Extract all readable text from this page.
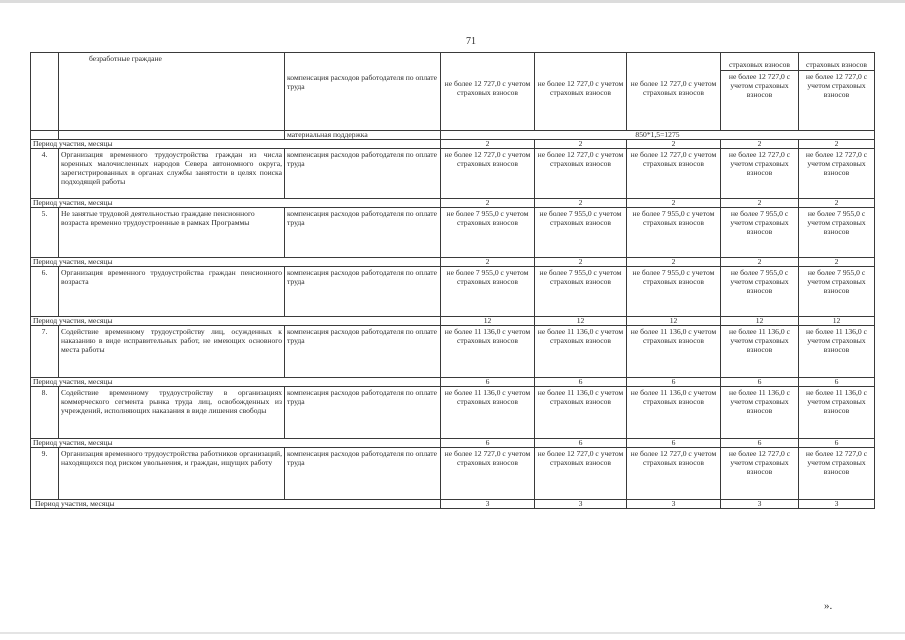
71
	безработные граждане	компенсация расходов работодателя по оплате труда	не более 12 727,0 с учетом страховых взносов	не более 12 727,0 с учетом страховых взносов	не более 12 727,0 с учетом страховых взносов	страховых взносов	страховых взносов
						не более 12 727,0 с учетом страховых взносов	не более 12 727,0 с учетом страховых взносов
		материальная поддержка	850*1,5=1275				
Период участия, месяцы			2	2	2	2	2
4.	Организация временного трудоустройства граждан из числа коренных малочисленных народов Севера автономного округа, зарегистрированных в органах службы занятости в целях поиска подходящей работы	компенсация расходов работодателя по оплате труда	не более 12 727,0 с учетом страховых взносов	не более 12 727,0 с учетом страховых взносов	не более 12 727,0 с учетом страховых взносов	не более 12 727,0 с учетом страховых взносов	не более 12 727,0 с учетом страховых взносов
Период участия, месяцы			2	2	2	2	2
5.	Не занятые трудовой деятельностью граждане пенсионного возраста временно трудоустроенные в рамках Программы	компенсация расходов работодателя по оплате труда	не более 7 955,0 с учетом страховых взносов	не более 7 955,0 с учетом страховых взносов	не более 7 955,0 с учетом страховых взносов	не более 7 955,0 с учетом страховых взносов	не более 7 955,0 с учетом страховых взносов
Период участия, месяцы			2	2	2	2	2
6.	Организация временного трудоустройства граждан пенсионного возраста	компенсация расходов работодателя по оплате труда	не более 7 955,0 с учетом страховых взносов	не более 7 955,0 с учетом страховых взносов	не более 7 955,0 с учетом страховых взносов	не более 7 955,0 с учетом страховых взносов	не более 7 955,0 с учетом страховых взносов
Период участия, месяцы			12	12	12	12	12
7.	Содействие временному трудоустройству лиц, осужденных к наказанию в виде исправительных работ, не имеющих основного места работы	компенсация расходов работодателя по оплате труда	не более 11 136,0 с учетом страховых взносов	не более 11 136,0 с учетом страховых взносов	не более 11 136,0 с учетом страховых взносов	не более 11 136,0 с учетом страховых взносов	не более 11 136,0 с учетом страховых взносов
Период участия, месяцы			6	6	6	6	6
8.	Содействие временному трудоустройству в организациях коммерческого сегмента рынка труда лиц, освобожденных из учреждений, исполняющих наказания в виде лишения свободы	компенсация расходов работодателя по оплате труда	не более 11 136,0 с учетом страховых взносов	не более 11 136,0 с учетом страховых взносов	не более 11 136,0 с учетом страховых взносов	не более 11 136,0 с учетом страховых взносов	не более 11 136,0 с учетом страховых взносов
Период участия, месяцы			6	6	6	6	6
9.	Организация временного трудоустройства работников организаций, находящихся под риском увольнения, и граждан, ищущих работу	компенсация расходов работодателя по оплате труда	не более 12 727,0 с учетом страховых взносов	не более 12 727,0 с учетом страховых взносов	не более 12 727,0 с учетом страховых взносов	не более 12 727,0 с учетом страховых взносов	не более 12 727,0 с учетом страховых взносов
Период участия, месяцы			3	3	3	3	3
».
